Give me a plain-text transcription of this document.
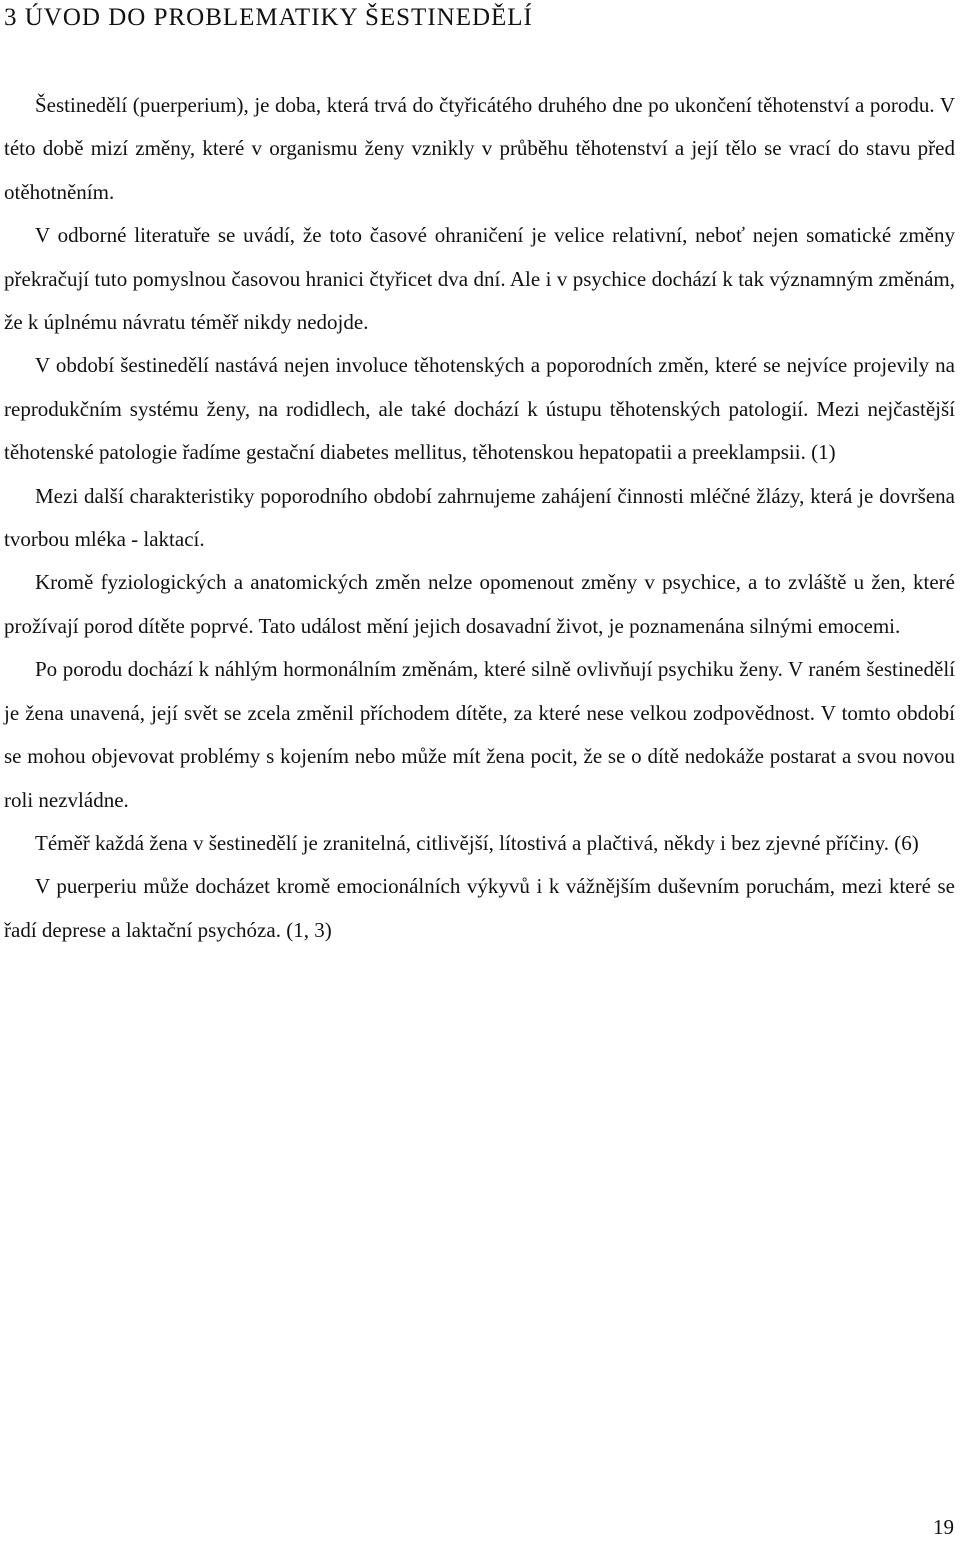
3 ÚVOD DO PROBLEMATIKY ŠESTINEDĚLÍ

Šestinedělí (puerperium), je doba, která trvá do čtyřicátého druhého dne po ukončení těhotenství a porodu. V této době mizí změny, které v organismu ženy vznikly v průběhu těhotenství a její tělo se vrací do stavu před otěhotněním.

V odborné literatuře se uvádí, že toto časové ohraničení je velice relativní, neboť nejen somatické změny překračují tuto pomyslnou časovou hranici čtyřicet dva dní. Ale i v psychice dochází k tak významným změnám, že k úplnému návratu téměř nikdy nedojde.

V období šestinedělí nastává nejen involuce těhotenských a poporodních změn, které se nejvíce projevily na reprodukčním systému ženy, na rodidlech, ale také dochází k ústupu těhotenských patologií. Mezi nejčastější těhotenské patologie řadíme gestační diabetes mellitus, těhotenskou hepatopatii a preeklampsii. (1)

Mezi další charakteristiky poporodního období zahrnujeme zahájení činnosti mléčné žlázy, která je dovršena tvorbou mléka - laktací.

Kromě fyziologických a anatomických změn nelze opomenout změny v psychice, a to zvláště u žen, které prožívají porod dítěte poprvé. Tato událost mění jejich dosavadní život, je poznamenána silnými emocemi.

Po porodu dochází k náhlým hormonálním změnám, které silně ovlivňují psychiku ženy. V raném šestinedělí je žena unavená, její svět se zcela změnil příchodem dítěte, za které nese velkou zodpovědnost. V tomto období se mohou objevovat problémy s kojením nebo může mít žena pocit, že se o dítě nedokáže postarat a svou novou roli nezvládne.

Téměř každá žena v šestinedělí je zranitelná, citlivější, lítostivá a plačtivá, někdy i bez zjevné příčiny. (6)

V puerperiu může docházet kromě emocionálních výkyvů i k vážnějším duševním poruchám, mezi které se řadí deprese a laktační psychóza. (1, 3)

19
